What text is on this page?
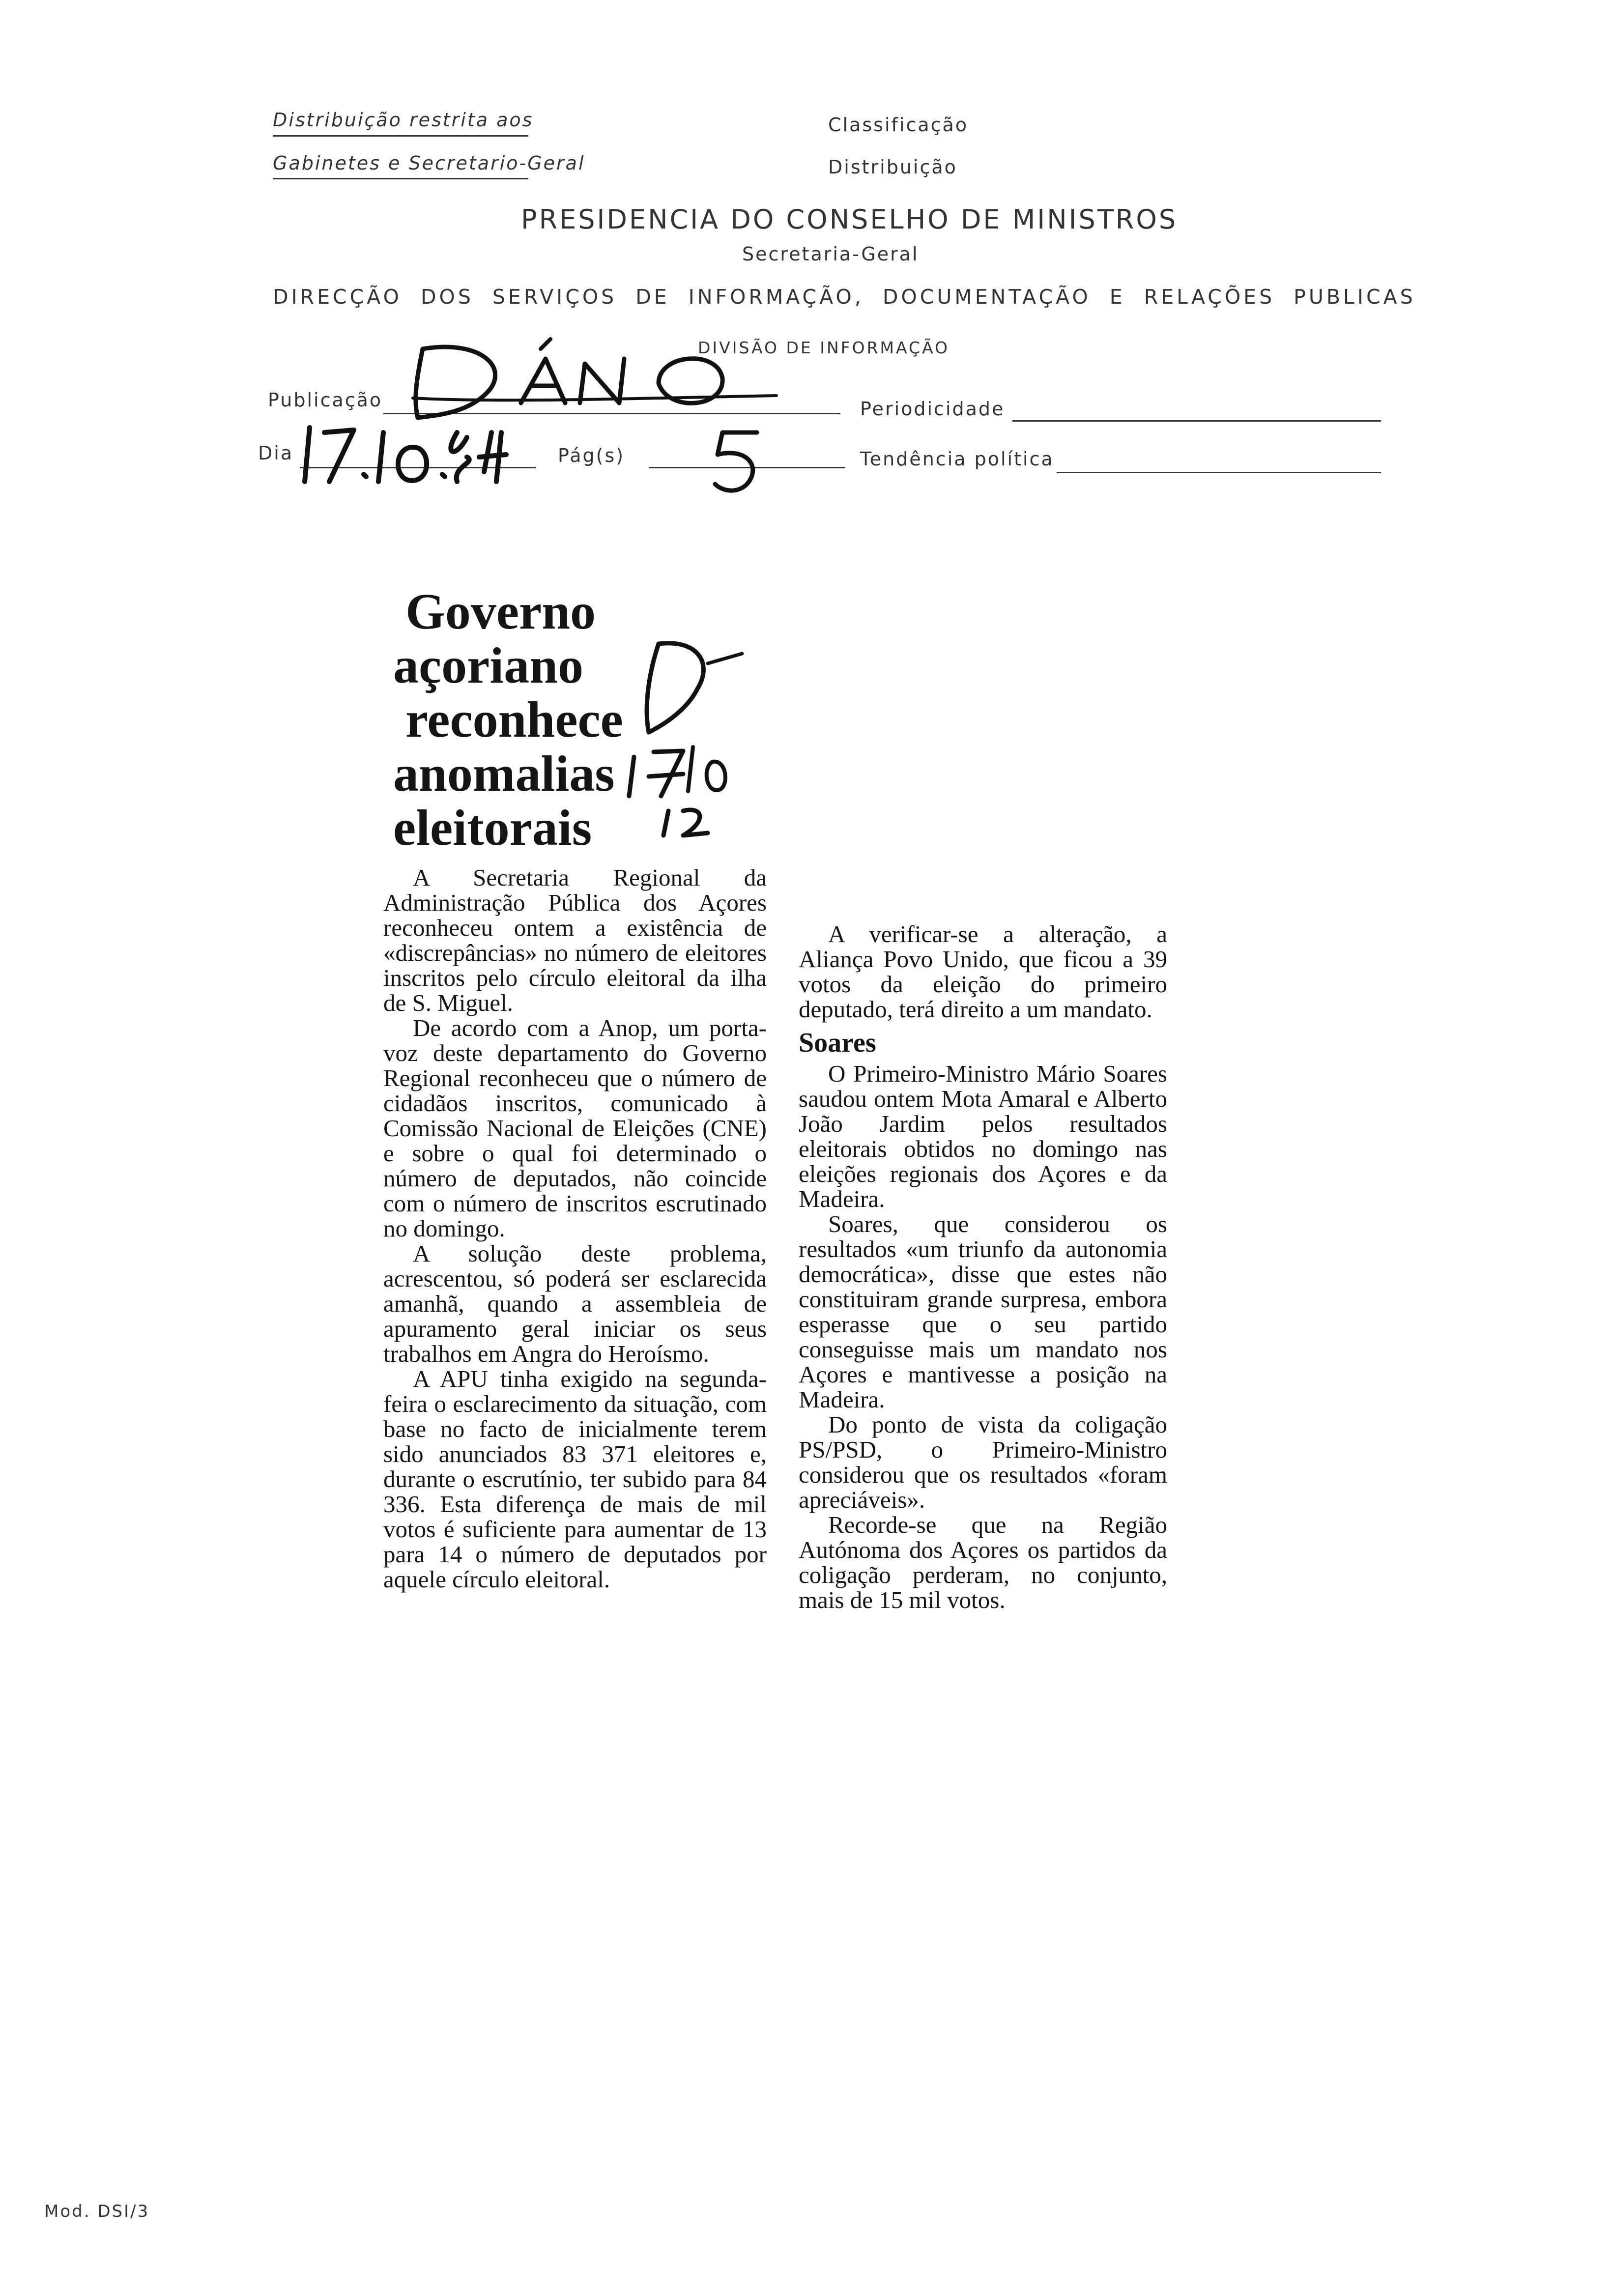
Distribuição restrita aos
Gabinetes e Secretario-Geral
Classificação
Distribuição
PRESIDENCIA DO CONSELHO DE MINISTROS
Secretaria-Geral
DIRECÇÃO  DOS  SERVIÇOS  DE  INFORMAÇÃO,  DOCUMENTAÇÃO  E  RELAÇÕES  PUBLICAS
DIVISÃO DE INFORMAÇÃO
Publicação	Periodicidade
Dia	Pág(s)	Tendência política
Governo
açoriano
reconhece
anomalias
eleitorais

A Secretaria Regional da Administração Pública dos Açores reconheceu ontem a existência de «discrepâncias» no número de eleitores inscritos pelo círculo eleitoral da ilha de S. Miguel.

De acordo com a Anop, um porta-voz deste departamento do Governo Regional reconheceu que o número de cidadãos inscritos, comunicado à Comissão Nacional de Eleições (CNE) e sobre o qual foi determinado o número de deputados, não coincide com o número de inscritos escrutinado no domingo.

A solução deste problema, acrescentou, só poderá ser esclarecida amanhã, quando a assembleia de apuramento geral iniciar os seus trabalhos em Angra do Heroísmo.

A APU tinha exigido na segunda-feira o esclarecimento da situação, com base no facto de inicialmente terem sido anunciados 83 371 eleitores e, durante o escrutínio, ter subido para 84 336. Esta diferença de mais de mil votos é suficiente para aumentar de 13 para 14 o número de deputados por aquele círculo eleitoral.

A verificar-se a alteração, a Aliança Povo Unido, que ficou a 39 votos da eleição do primeiro deputado, terá direito a um mandato.

Soares

O Primeiro-Ministro Mário Soares saudou ontem Mota Amaral e Alberto João Jardim pelos resultados eleitorais obtidos no domingo nas eleições regionais dos Açores e da Madeira.

Soares, que considerou os resultados «um triunfo da autonomia democrática», disse que estes não constituiram grande surpresa, embora esperasse que o seu partido conseguisse mais um mandato nos Açores e mantivesse a posição na Madeira.

Do ponto de vista da coligação PS/PSD, o Primeiro-Ministro considerou que os resultados «foram apreciáveis».

Recorde-se que na Região Autónoma dos Açores os partidos da coligação perderam, no conjunto, mais de 15 mil votos.

Mod. DSI/3
